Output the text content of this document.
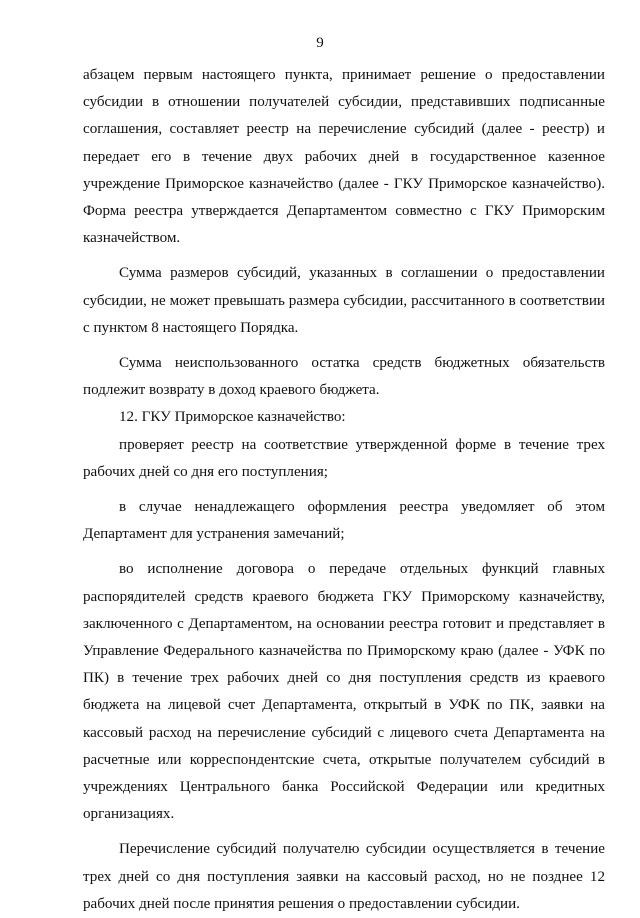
9

абзацем первым настоящего пункта, принимает решение о предоставлении субсидии в отношении получателей субсидии, представивших подписанные соглашения, составляет реестр на перечисление субсидий (далее - реестр) и передает его в течение двух рабочих дней в государственное казенное учреждение Приморское казначейство (далее - ГКУ Приморское казначейство). Форма реестра утверждается Департаментом совместно с ГКУ Приморским казначейством.

Сумма размеров субсидий, указанных в соглашении о предоставлении субсидии, не может превышать размера субсидии, рассчитанного в соответствии с пунктом 8 настоящего Порядка.

Сумма неиспользованного остатка средств бюджетных обязательств подлежит возврату в доход краевого бюджета.

12. ГКУ Приморское казначейство:

проверяет реестр на соответствие утвержденной форме в течение трех рабочих дней со дня его поступления;

в случае ненадлежащего оформления реестра уведомляет об этом Департамент для устранения замечаний;

во исполнение договора о передаче отдельных функций главных распорядителей средств краевого бюджета ГКУ Приморскому казначейству, заключенного с Департаментом, на основании реестра готовит и представляет в Управление Федерального казначейства по Приморскому краю (далее - УФК по ПК) в течение трех рабочих дней со дня поступления средств из краевого бюджета на лицевой счет Департамента, открытый в УФК по ПК, заявки на кассовый расход на перечисление субсидий с лицевого счета Департамента на расчетные или корреспондентские счета, открытые получателем субсидий в учреждениях Центрального банка Российской Федерации или кредитных организациях.

Перечисление субсидий получателю субсидии осуществляется в течение трех дней со дня поступления заявки на кассовый расход, но не позднее 12 рабочих дней после принятия решения о предоставлении субсидии.
